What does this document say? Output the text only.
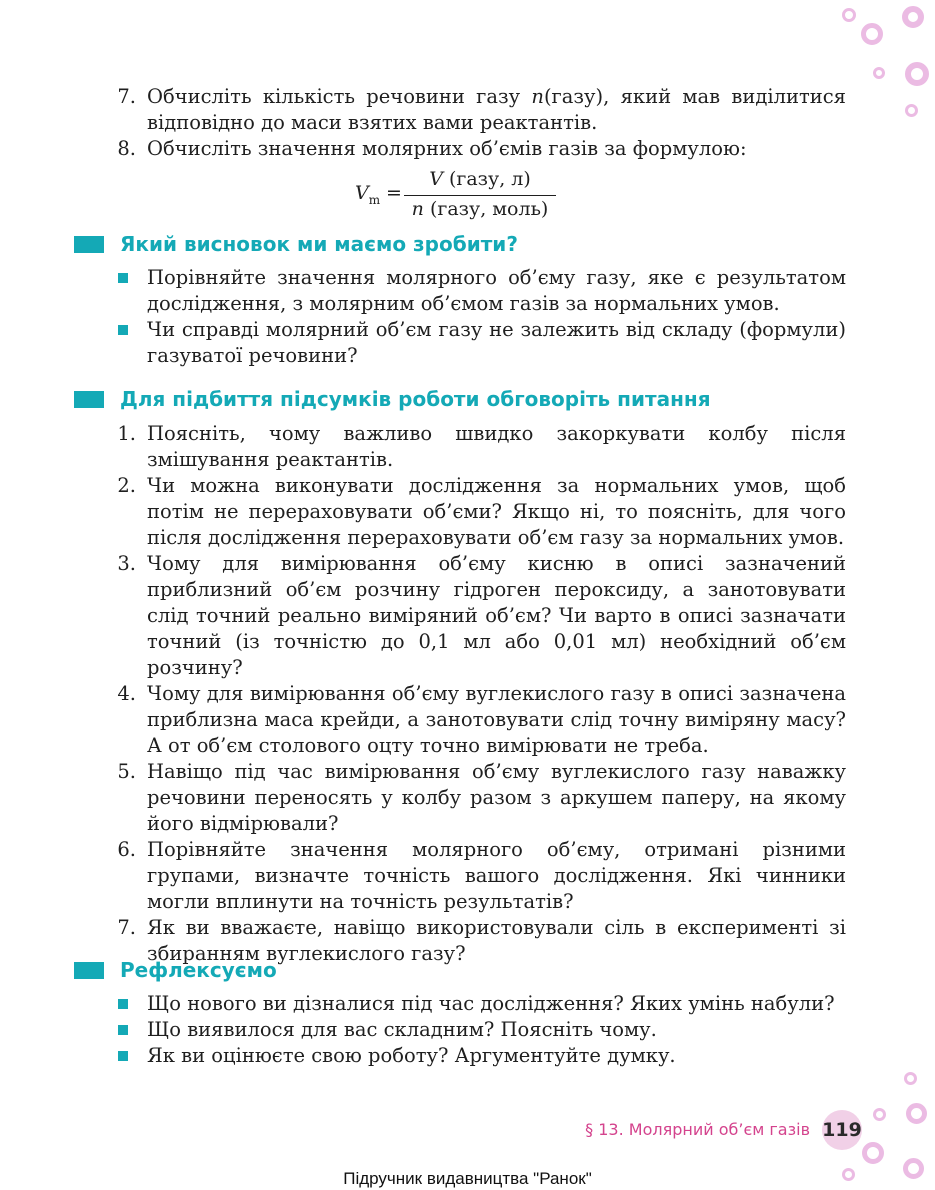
7. Обчисліть кількість речовини газу n(газу), який мав виділитися відповідно до маси взятих вами реактантів.
8. Обчисліть значення молярних об’ємів газів за формулою:
$V_m$ =
V (газу, л)
n (газу, моль)
Який висновок ми маємо зробити?
Порівняйте значення молярного об’єму газу, яке є результатом дослідження, з молярним об’ємом газів за нормальних умов.
Чи справді молярний об’єм газу не залежить від складу (формули) газуватої речовини?
Для підбиття підсумків роботи обговоріть питання
1. Поясніть, чому важливо швидко закоркувати колбу після змішування реактантів.
2. Чи можна виконувати дослідження за нормальних умов, щоб потім не перераховувати об’єми? Якщо ні, то поясніть, для чого після дослідження перераховувати об’єм газу за нормальних умов.
3. Чому для вимірювання об’єму кисню в описі зазначений приблизний об’єм розчину гідроген пероксиду, а занотовувати слід точний реально виміряний об’єм? Чи варто в описі зазначати точний (із точністю до 0,1 мл або 0,01 мл) необхідний об’єм розчину?
4. Чому для вимірювання об’єму вуглекислого газу в описі зазначена приблизна маса крейди, а занотовувати слід точну виміряну масу? А от об’єм столового оцту точно вимірювати не треба.
5. Навіщо під час вимірювання об’єму вуглекислого газу наважку речовини переносять у колбу разом з аркушем паперу, на якому його відмірювали?
6. Порівняйте значення молярного об’єму, отримані різними групами, визначте точність вашого дослідження. Які чинники могли вплинути на точність результатів?
7. Як ви вважаєте, навіщо використовували сіль в експерименті зі збиранням вуглекислого газу?
Рефлексуємо
Що нового ви дізналися під час дослідження? Яких умінь набули?
Що виявилося для вас складним? Поясніть чому.
Як ви оцінюєте свою роботу? Аргументуйте думку.
§ 13. Молярний об’єм газів 119
Підручник видавництва "Ранок"
